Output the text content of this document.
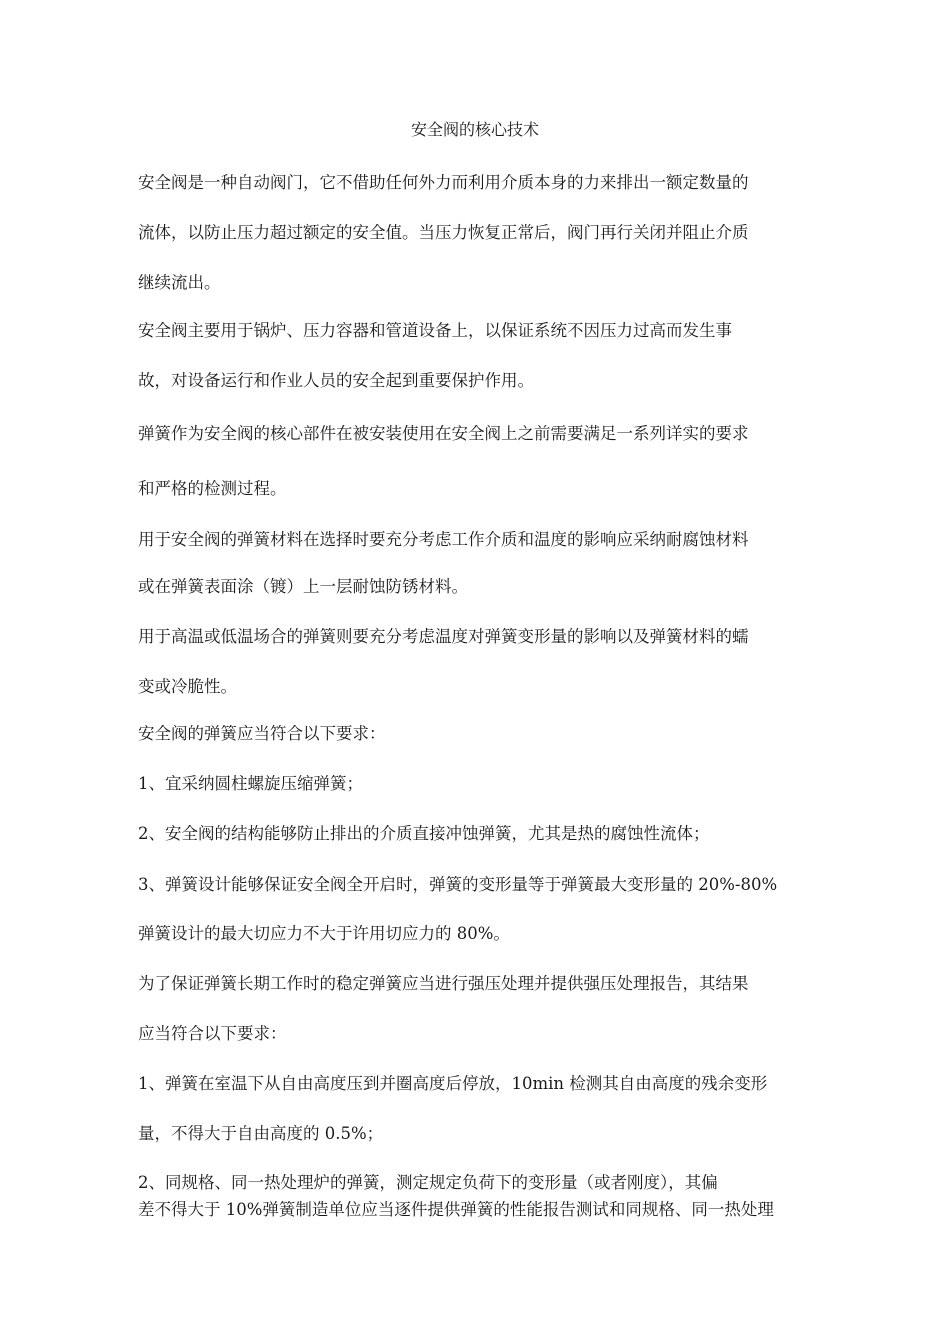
安全阀的核心技术

安全阀是一种自动阀门，它不借助任何外力而利用介质本身的力来排出一额定数量的

流体，以防止压力超过额定的安全值。当压力恢复正常后，阀门再行关闭并阻止介质

继续流出。

安全阀主要用于锅炉、压力容器和管道设备上，以保证系统不因压力过高而发生事

故，对设备运行和作业人员的安全起到重要保护作用。

弹簧作为安全阀的核心部件在被安装使用在安全阀上之前需要满足一系列详实的要求

和严格的检测过程。

用于安全阀的弹簧材料在选择时要充分考虑工作介质和温度的影响应采纳耐腐蚀材料

或在弹簧表面涂（镀）上一层耐蚀防锈材料。

用于高温或低温场合的弹簧则要充分考虑温度对弹簧变形量的影响以及弹簧材料的蠕

变或冷脆性。

安全阀的弹簧应当符合以下要求：

1、宜采纳圆柱螺旋压缩弹簧；

2、安全阀的结构能够防止排出的介质直接冲蚀弹簧，尤其是热的腐蚀性流体；

3、弹簧设计能够保证安全阀全开启时，弹簧的变形量等于弹簧最大变形量的 20%-80%

弹簧设计的最大切应力不大于许用切应力的 80%。

为了保证弹簧长期工作时的稳定弹簧应当进行强压处理并提供强压处理报告，其结果

应当符合以下要求：

1、弹簧在室温下从自由高度压到并圈高度后停放，10min 检测其自由高度的残余变形

量，不得大于自由高度的 0.5%；

2、同规格、同一热处理炉的弹簧，测定规定负荷下的变形量（或者刚度），其偏

差不得大于 10%弹簧制造单位应当逐件提供弹簧的性能报告测试和同规格、同一热处理
